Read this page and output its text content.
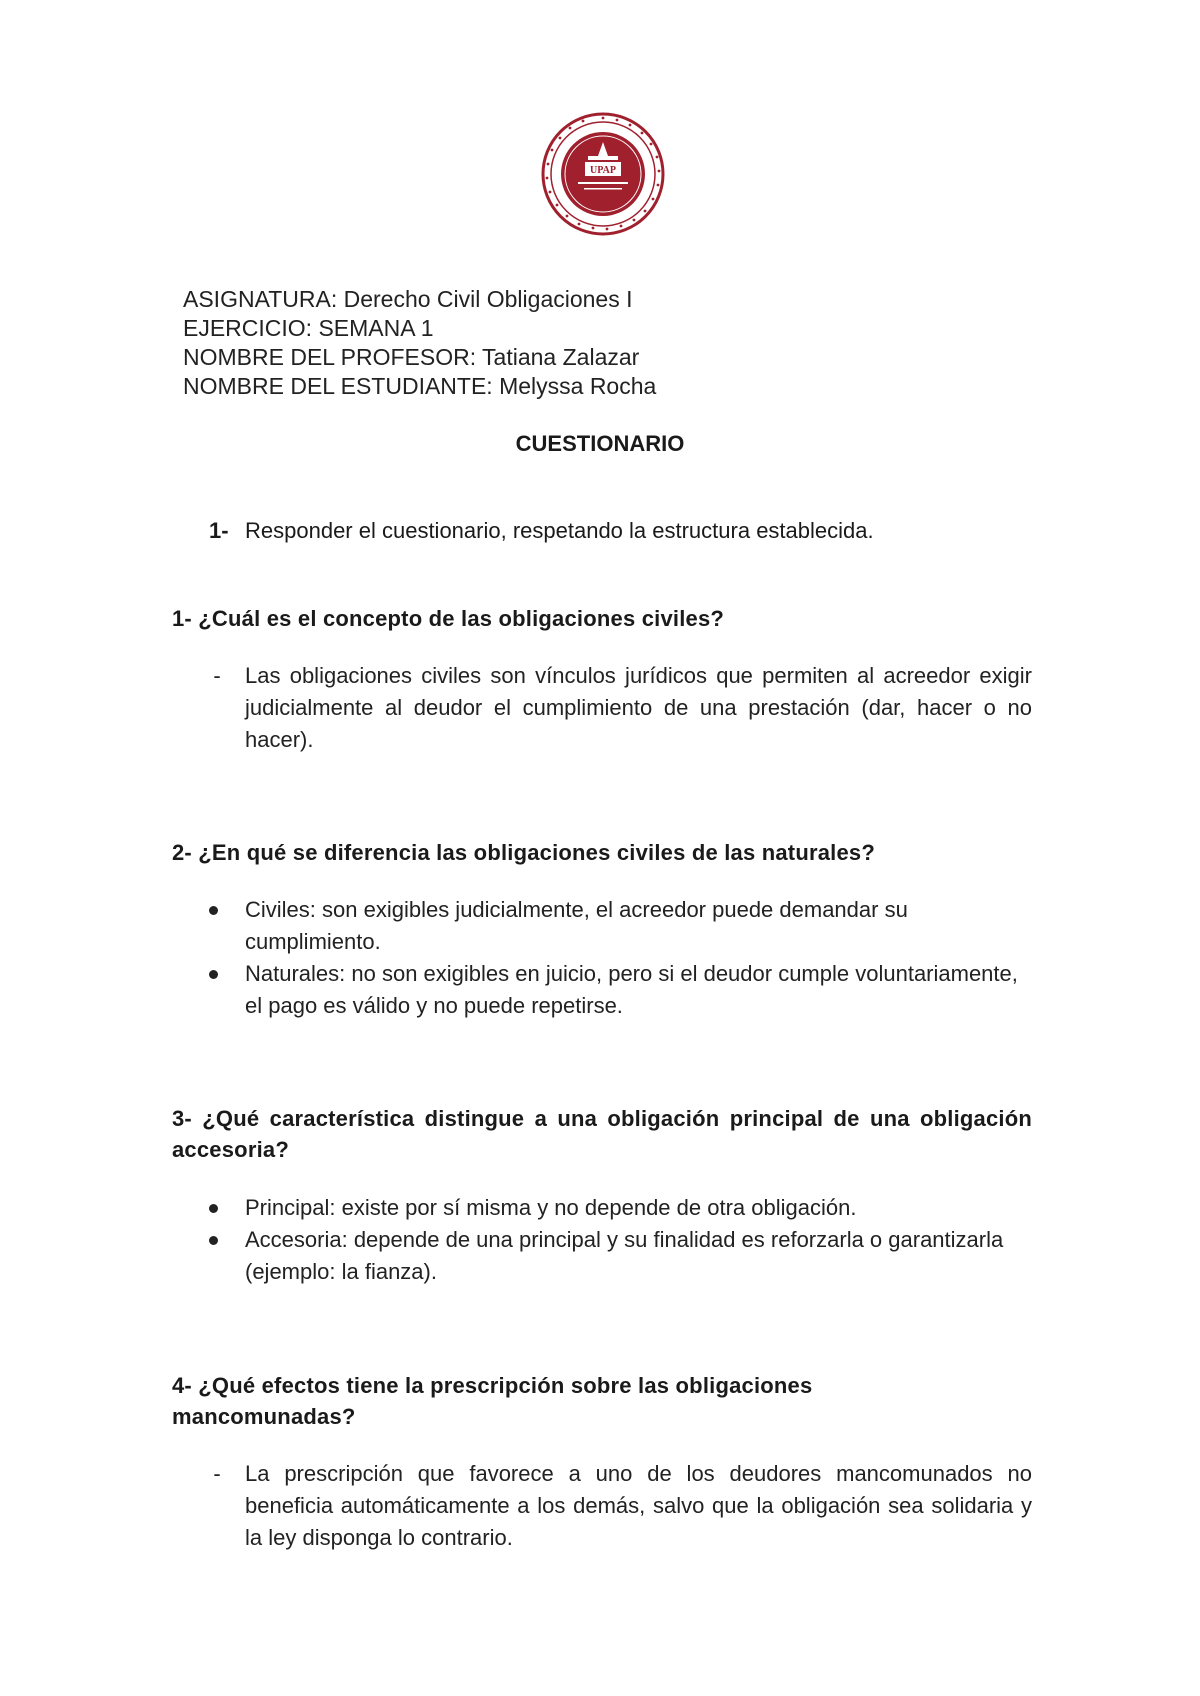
UPAP
ASIGNATURA: Derecho Civil Obligaciones I
EJERCICIO: SEMANA 1
NOMBRE DEL PROFESOR: Tatiana Zalazar
NOMBRE DEL ESTUDIANTE: Melyssa Rocha
CUESTIONARIO
1- Responder el cuestionario, respetando la estructura establecida.
1- ¿Cuál es el concepto de las obligaciones civiles?
- Las obligaciones civiles son vínculos jurídicos que permiten al acreedor exigir judicialmente al deudor el cumplimiento de una prestación (dar, hacer o no hacer).
2- ¿En qué se diferencia las obligaciones civiles de las naturales?
Civiles: son exigibles judicialmente, el acreedor puede demandar su cumplimiento.
Naturales: no son exigibles en juicio, pero si el deudor cumple voluntariamente, el pago es válido y no puede repetirse.
3- ¿Qué característica distingue a una obligación principal de una obligación accesoria?
Principal: existe por sí misma y no depende de otra obligación.
Accesoria: depende de una principal y su finalidad es reforzarla o garantizarla (ejemplo: la fianza).
4- ¿Qué efectos tiene la prescripción sobre las obligaciones mancomunadas?
- La prescripción que favorece a uno de los deudores mancomunados no beneficia automáticamente a los demás, salvo que la obligación sea solidaria y la ley disponga lo contrario.
